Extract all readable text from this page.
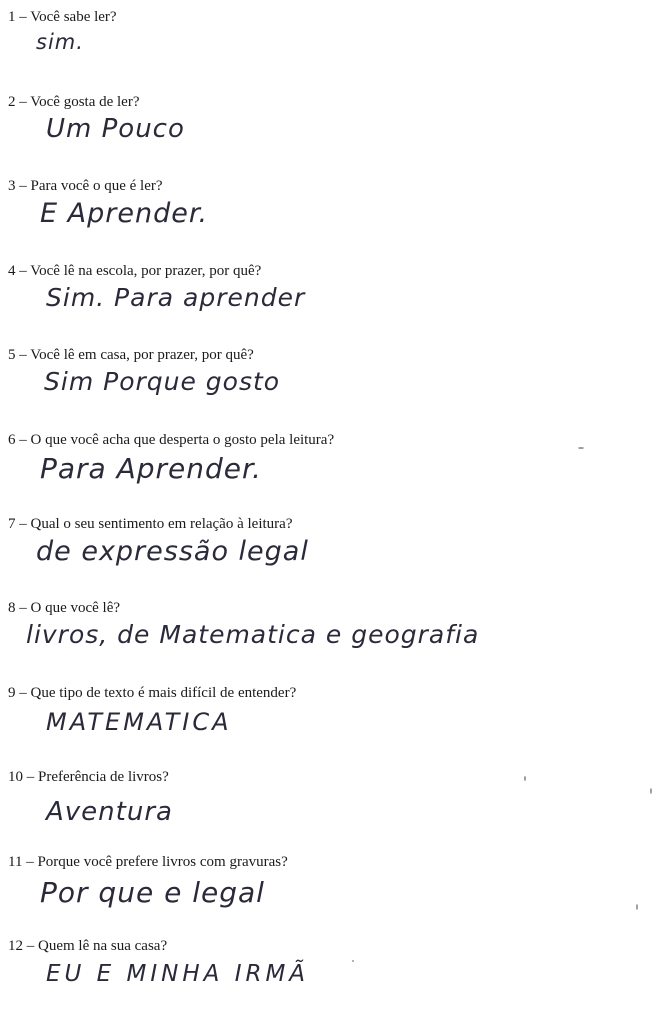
1 – Você sabe ler?
sim.
2 – Você gosta de ler?
Um Pouco
3 – Para você o que é ler?
E Aprender.
4 – Você lê na escola, por prazer, por quê?
Sim. Para aprender
5 – Você lê em casa, por prazer, por quê?
Sim Porque gosto
6 – O que você acha que desperta o gosto pela leitura?
Para Aprender.
7 – Qual o seu sentimento em relação à leitura?
de expressão legal
8 – O que você lê?
livros, de Matematica e geografia
9 – Que tipo de texto é mais difícil de entender?
MATEMATICA
10 – Preferência de livros?
Aventura
11 – Porque você prefere livros com gravuras?
Por que e legal
12 – Quem lê na sua casa?
EU E MINHA IRMÃ
